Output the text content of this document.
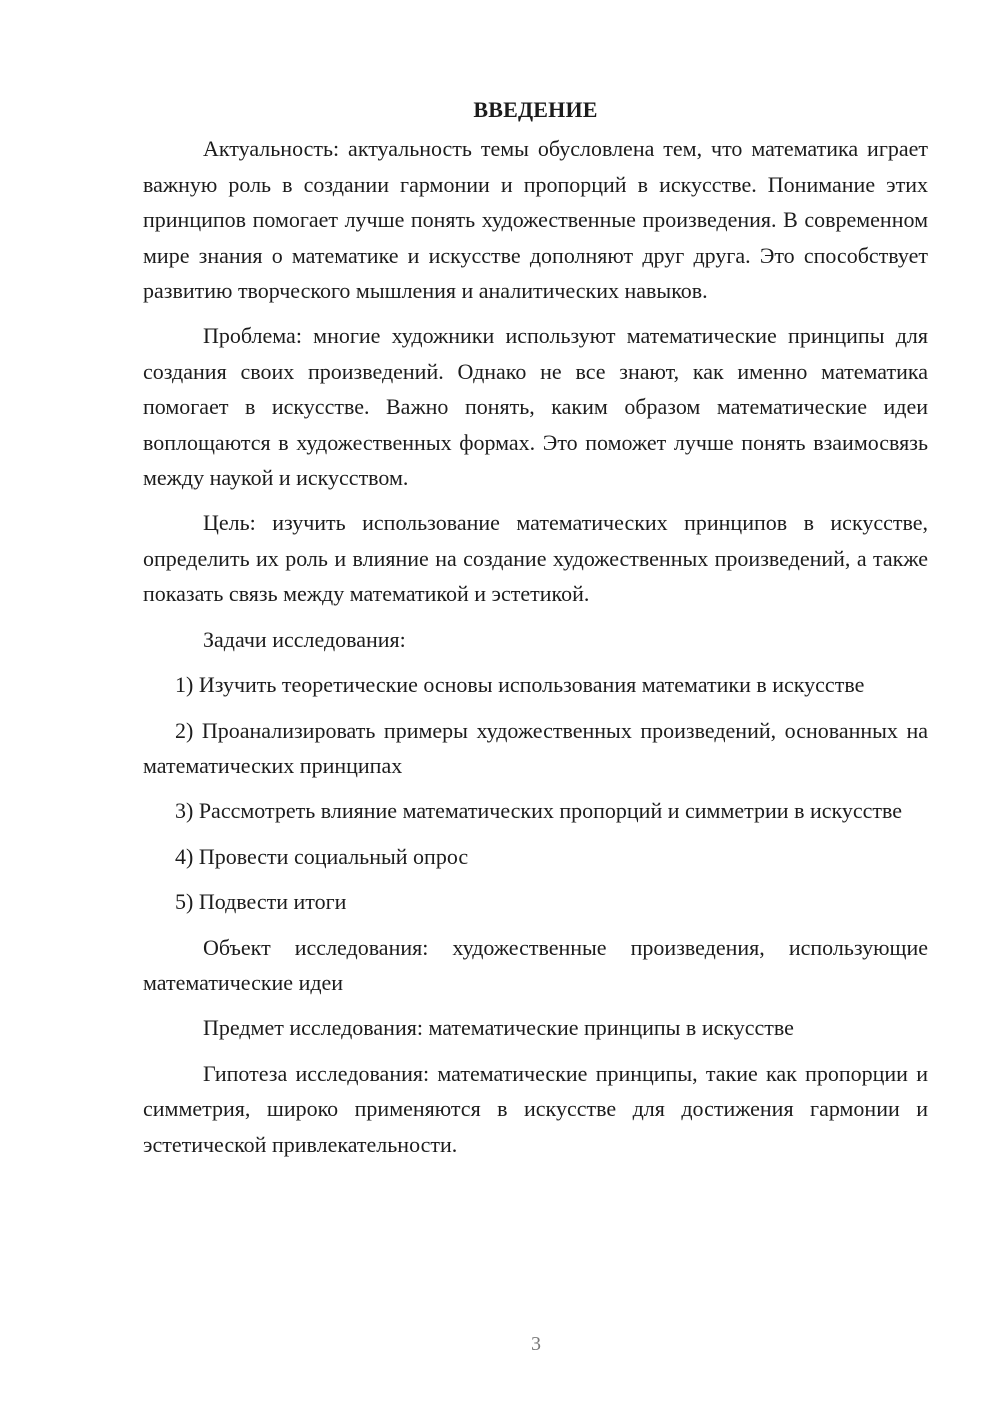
ВВЕДЕНИЕ

Актуальность: актуальность темы обусловлена тем, что математика играет важную роль в создании гармонии и пропорций в искусстве. Понимание этих принципов помогает лучше понять художественные произведения. В современном мире знания о математике и искусстве дополняют друг друга. Это способствует развитию творческого мышления и аналитических навыков.

Проблема: многие художники используют математические принципы для создания своих произведений. Однако не все знают, как именно математика помогает в искусстве. Важно понять, каким образом математические идеи воплощаются в художественных формах. Это поможет лучше понять взаимосвязь между наукой и искусством.

Цель: изучить использование математических принципов в искусстве, определить их роль и влияние на создание художественных произведений, а также показать связь между математикой и эстетикой.

Задачи исследования:

1) Изучить теоретические основы использования математики в искусстве

2) Проанализировать примеры художественных произведений, основанных на математических принципах

3) Рассмотреть влияние математических пропорций и симметрии в искусстве

4) Провести социальный опрос

5) Подвести итоги

Объект исследования: художественные произведения, использующие математические идеи

Предмет исследования: математические принципы в искусстве

Гипотеза исследования: математические принципы, такие как пропорции и симметрия, широко применяются в искусстве для достижения гармонии и эстетической привлекательности.

3
